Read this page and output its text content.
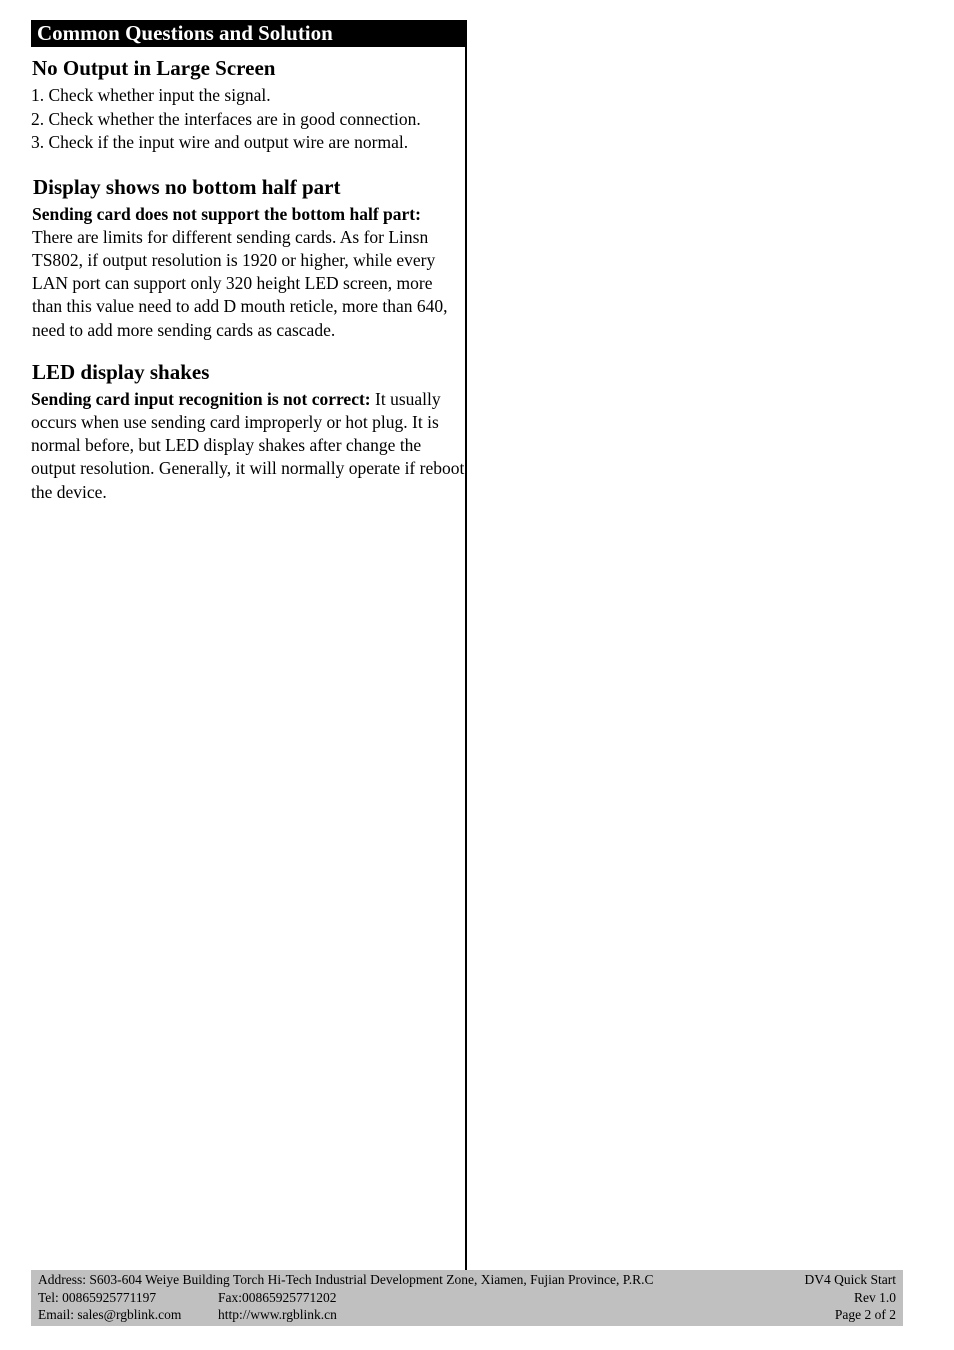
Common Questions and Solution
No Output in Large Screen
1. Check whether input the signal.
2. Check whether the interfaces are in good connection.
3. Check if the input wire and output wire are normal.
Display shows no bottom half part

Sending card does not support the bottom half part: There are limits for different sending cards. As for Linsn TS802, if output resolution is 1920 or higher, while every LAN port can support only 320 height LED screen, more than this value need to add D mouth reticle, more than 640, need to add more sending cards as cascade.

LED display shakes

Sending card input recognition is not correct: It usually occurs when use sending card improperly or hot plug. It is normal before, but LED display shakes after change the output resolution. Generally, it will normally operate if reboot the device.

Address: S603-604 Weiye Building Torch Hi-Tech Industrial Development Zone, Xiamen, Fujian Province, P.R.C
Tel: 00865925771197	Fax:00865925771202
Email: sales@rgblink.com	http://www.rgblink.cn
DV4 Quick Start
Rev 1.0
Page 2 of 2
